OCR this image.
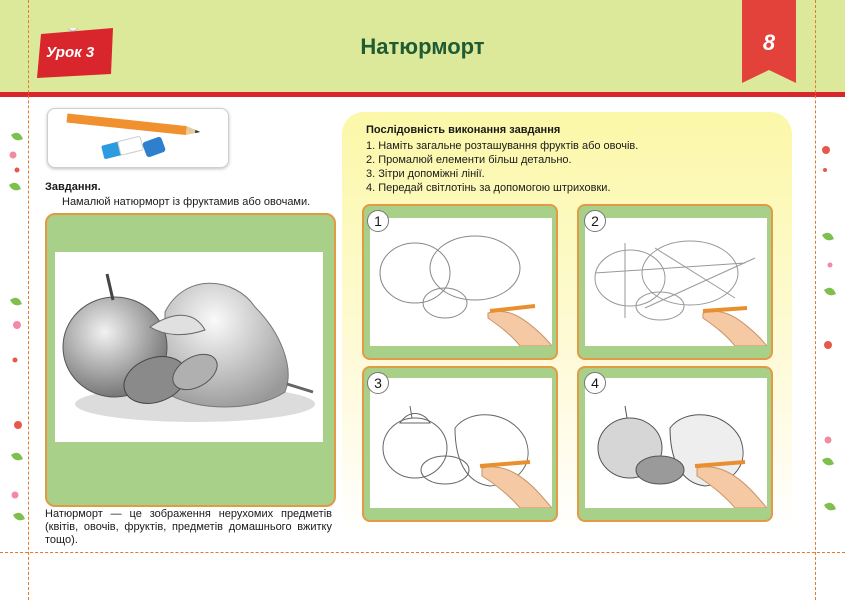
Урок 3	Натюрморт	8
Завдання.
Намалюй натюрморт із фруктамив або овочами.
Натюрморт — це зображення нерухомих предметів (квітів, овочів, фруктів, предметів домашнього вжитку тощо).
Послідовність виконання завдання
1. Наміть загальне розташування фруктів або овочів.
2. Промалюй елементи більш детально.
3. Зітри допоміжні лінії.
4. Передай світлотінь за допомогою штриховки.
1	2
3	4
